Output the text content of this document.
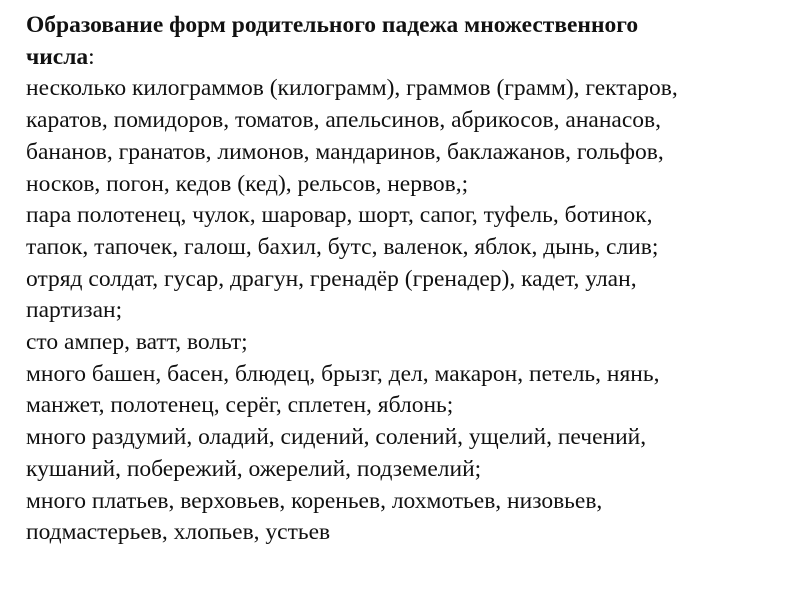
Образование форм родительного падежа множественного
числа:
несколько килограммов (килограмм), граммов (грамм), гектаров,
каратов, помидоров, томатов, апельсинов, абрикосов, ананасов,
бананов, гранатов, лимонов, мандаринов, баклажанов, гольфов,
носков, погон, кедов (кед), рельсов, нервов,;
пара полотенец, чулок, шаровар, шорт, сапог, туфель, ботинок,
тапок, тапочек, галош, бахил, бутс, валенок, яблок, дынь, слив;
отряд солдат, гусар, драгун, гренадёр (гренадер), кадет, улан,
партизан;
сто ампер, ватт, вольт;
много башен, басен, блюдец, брызг, дел, макарон, петель, нянь,
манжет, полотенец, серёг, сплетен, яблонь;
много раздумий, оладий, сидений, солений, ущелий, печений,
кушаний, побережий, ожерелий, подземелий;
много платьев, верховьев, кореньев, лохмотьев, низовьев,
подмастерьев, хлопьев, устьев
